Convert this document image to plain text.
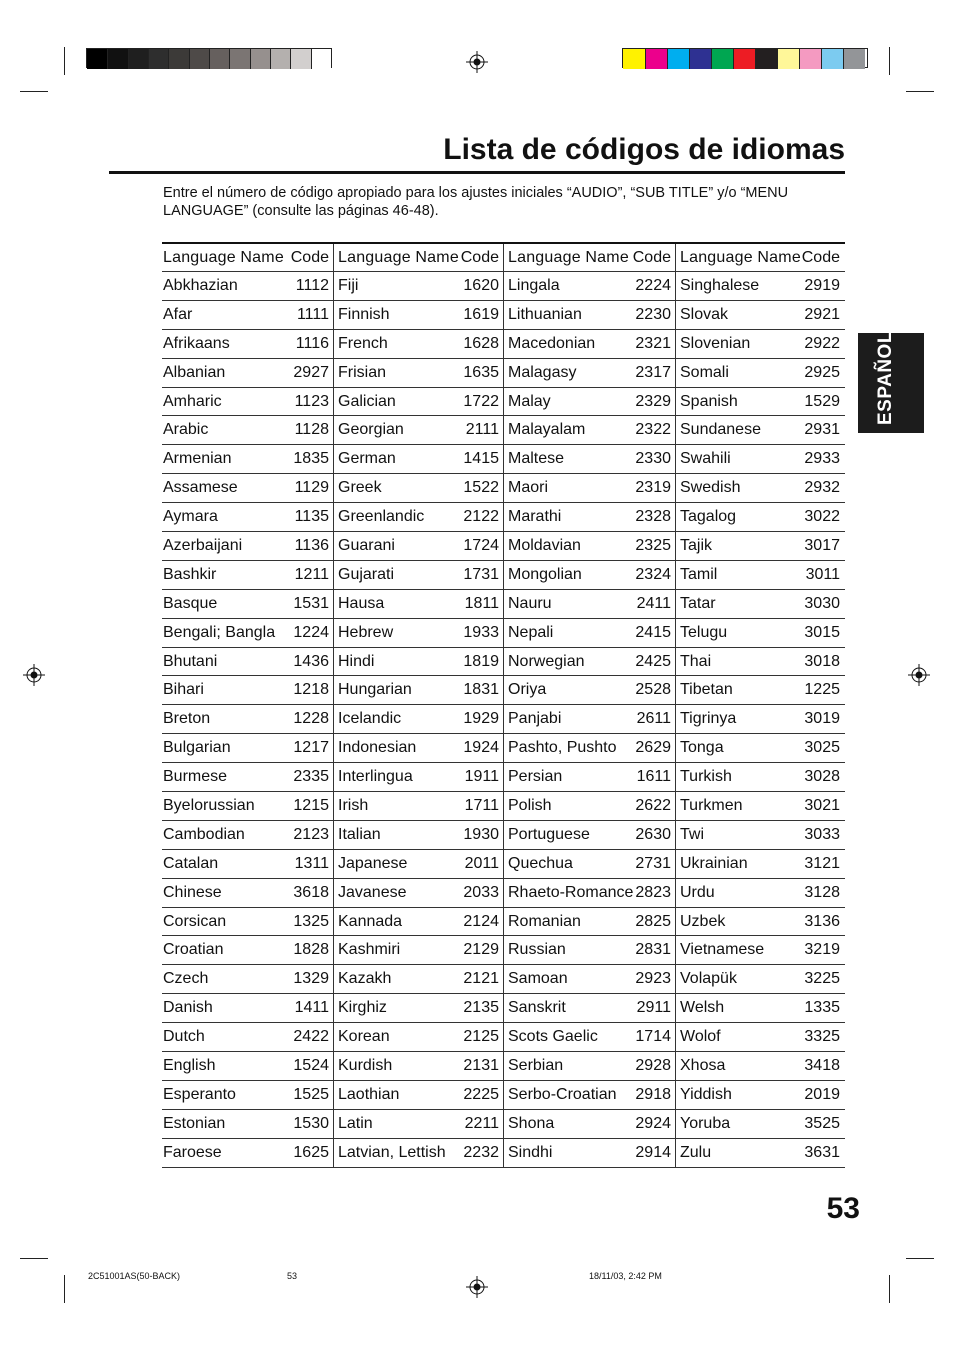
Lista de códigos de idiomas
Entre el número de código apropiado para los ajustes iniciales “AUDIO”, “SUB TITLE” y/o “MENU LANGUAGE” (consulte las páginas 46-48).
Language Name Code Language Name Code Language Name Code Language Name Code
Abkhazian	1112 Fiji	1620 Lingala	2224 Singhalese	2919
Afar	1111 Finnish	1619 Lithuanian	2230 Slovak	2921
Afrikaans	1116 French	1628 Macedonian	2321 Slovenian	2922
Albanian	2927 Frisian	1635 Malagasy	2317 Somali	2925
Amharic	1123 Galician	1722 Malay	2329 Spanish	1529
Arabic	1128 Georgian	2111 Malayalam	2322 Sundanese	2931
Armenian	1835 German	1415 Maltese	2330 Swahili	2933
Assamese	1129 Greek	1522 Maori	2319 Swedish	2932
Aymara	1135 Greenlandic 2122 Marathi	2328 Tagalog	3022
Azerbaijani	1136 Guarani	1724 Moldavian	2325 Tajik	3017
Bashkir	1211 Gujarati	1731 Mongolian	2324 Tamil	3011
Basque	1531 Hausa	1811 Nauru	2411 Tatar	3030
Bengali; Bangla 1224 Hebrew	1933 Nepali	2415 Telugu	3015
Bhutani	1436 Hindi	1819 Norwegian	2425 Thai	3018
Bihari	1218 Hungarian	1831 Oriya	2528 Tibetan	1225
Breton	1228 Icelandic	1929 Panjabi	2611 Tigrinya	3019
Bulgarian	1217 Indonesian	1924 Pashto, Pushto 2629 Tonga	3025
Burmese	2335 Interlingua	1911 Persian	1611 Turkish	3028
Byelorussian 1215 Irish	1711 Polish	2622 Turkmen	3021
Cambodian	2123 Italian	1930 Portuguese	2630 Twi	3033
Catalan	1311 Japanese	2011 Quechua	2731 Ukrainian	3121
Chinese	3618 Javanese	2033 Rhaeto-Romance 2823 Urdu	3128
Corsican	1325 Kannada	2124 Romanian	2825 Uzbek	3136
Croatian	1828 Kashmiri	2129 Russian	2831 Vietnamese	3219
Czech	1329 Kazakh	2121 Samoan	2923 Volapük	3225
Danish	1411 Kirghiz	2135 Sanskrit	2911 Welsh	1335
Dutch	2422 Korean	2125 Scots Gaelic 1714 Wolof	3325
English	1524 Kurdish	2131 Serbian	2928 Xhosa	3418
Esperanto	1525 Laothian	2225 Serbo-Croatian 2918 Yiddish	2019
Estonian	1530 Latin	2211 Shona	2924 Yoruba	3525
Faroese	1625 Latvian, Lettish 2232 Sindhi	2914 Zulu	3631
ESPAÑOL
53
2C51001AS(50-BACK)	53	18/11/03, 2:42 PM
